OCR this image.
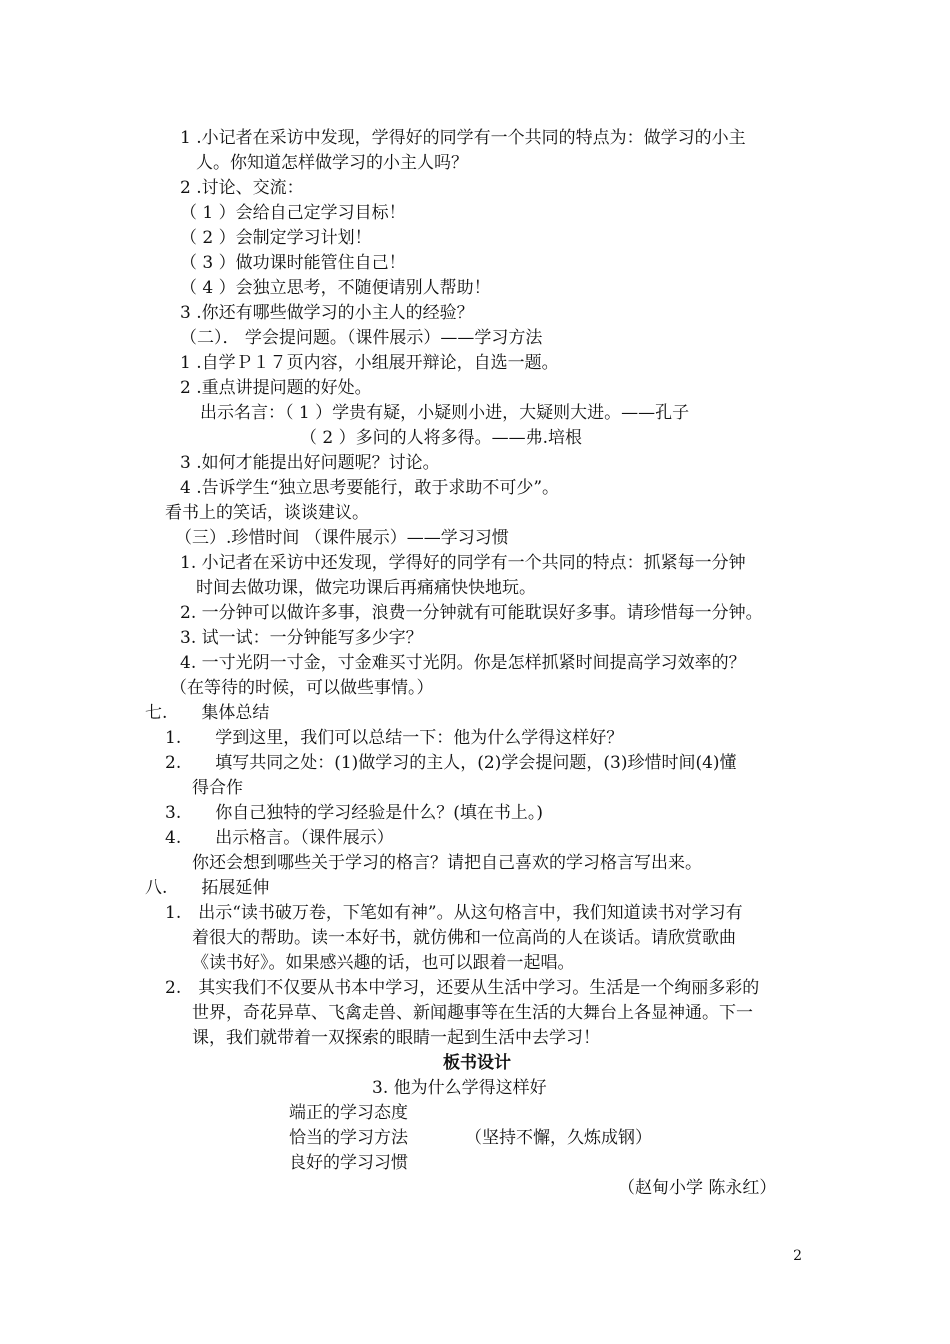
1 .小记者在采访中发现，学得好的同学有一个共同的特点为：做学习的小主
人。你知道怎样做学习的小主人吗？
2 .讨论、交流：
（ 1 ）会给自己定学习目标！
（ 2 ）会制定学习计划！
（ 3 ）做功课时能管住自己！
（ 4 ）会独立思考，不随便请别人帮助！
3 .你还有哪些做学习的小主人的经验？
（二）． 学会提问题。（课件展示）——学习方法
1 .自学Ｐ１７页内容，小组展开辩论，自选一题。
2 .重点讲提问题的好处。
出示名言：（ 1 ）学贵有疑，小疑则小进，大疑则大进。——孔子
（ 2 ）多问的人将多得。——弗.培根
3 .如何才能提出好问题呢？讨论。
4 .告诉学生“独立思考要能行，敢于求助不可少”。
看书上的笑话，谈谈建议。
（三）.珍惜时间 （课件展示）——学习习惯
1. 小记者在采访中还发现，学得好的同学有一个共同的特点：抓紧每一分钟
时间去做功课，做完功课后再痛痛快快地玩。
2. 一分钟可以做许多事，浪费一分钟就有可能耽误好多事。请珍惜每一分钟。
3. 试一试：一分钟能写多少字？
4. 一寸光阴一寸金，寸金难买寸光阴。你是怎样抓紧时间提高学习效率的？
（在等待的时候，可以做些事情。）
七.　　集体总结
1.　　学到这里，我们可以总结一下：他为什么学得这样好？
2.　　填写共同之处：(1)做学习的主人，(2)学会提问题，(3)珍惜时间(4)懂
得合作
3.　　你自己独特的学习经验是什么？(填在书上。)
4.　　出示格言。（课件展示）
你还会想到哪些关于学习的格言？请把自己喜欢的学习格言写出来。
八.　　拓展延伸
1.　出示“读书破万卷，下笔如有神”。从这句格言中，我们知道读书对学习有
着很大的帮助。读一本好书，就仿佛和一位高尚的人在谈话。请欣赏歌曲
《读书好》。如果感兴趣的话，也可以跟着一起唱。
2.　其实我们不仅要从书本中学习，还要从生活中学习。生活是一个绚丽多彩的
世界，奇花异草、飞禽走兽、新闻趣事等在生活的大舞台上各显神通。下一
课，我们就带着一双探索的眼睛一起到生活中去学习！
板书设计
3. 他为什么学得这样好
端正的学习态度
恰当的学习方法	（坚持不懈，久炼成钢）
良好的学习习惯
（赵甸小学 陈永红）
2
